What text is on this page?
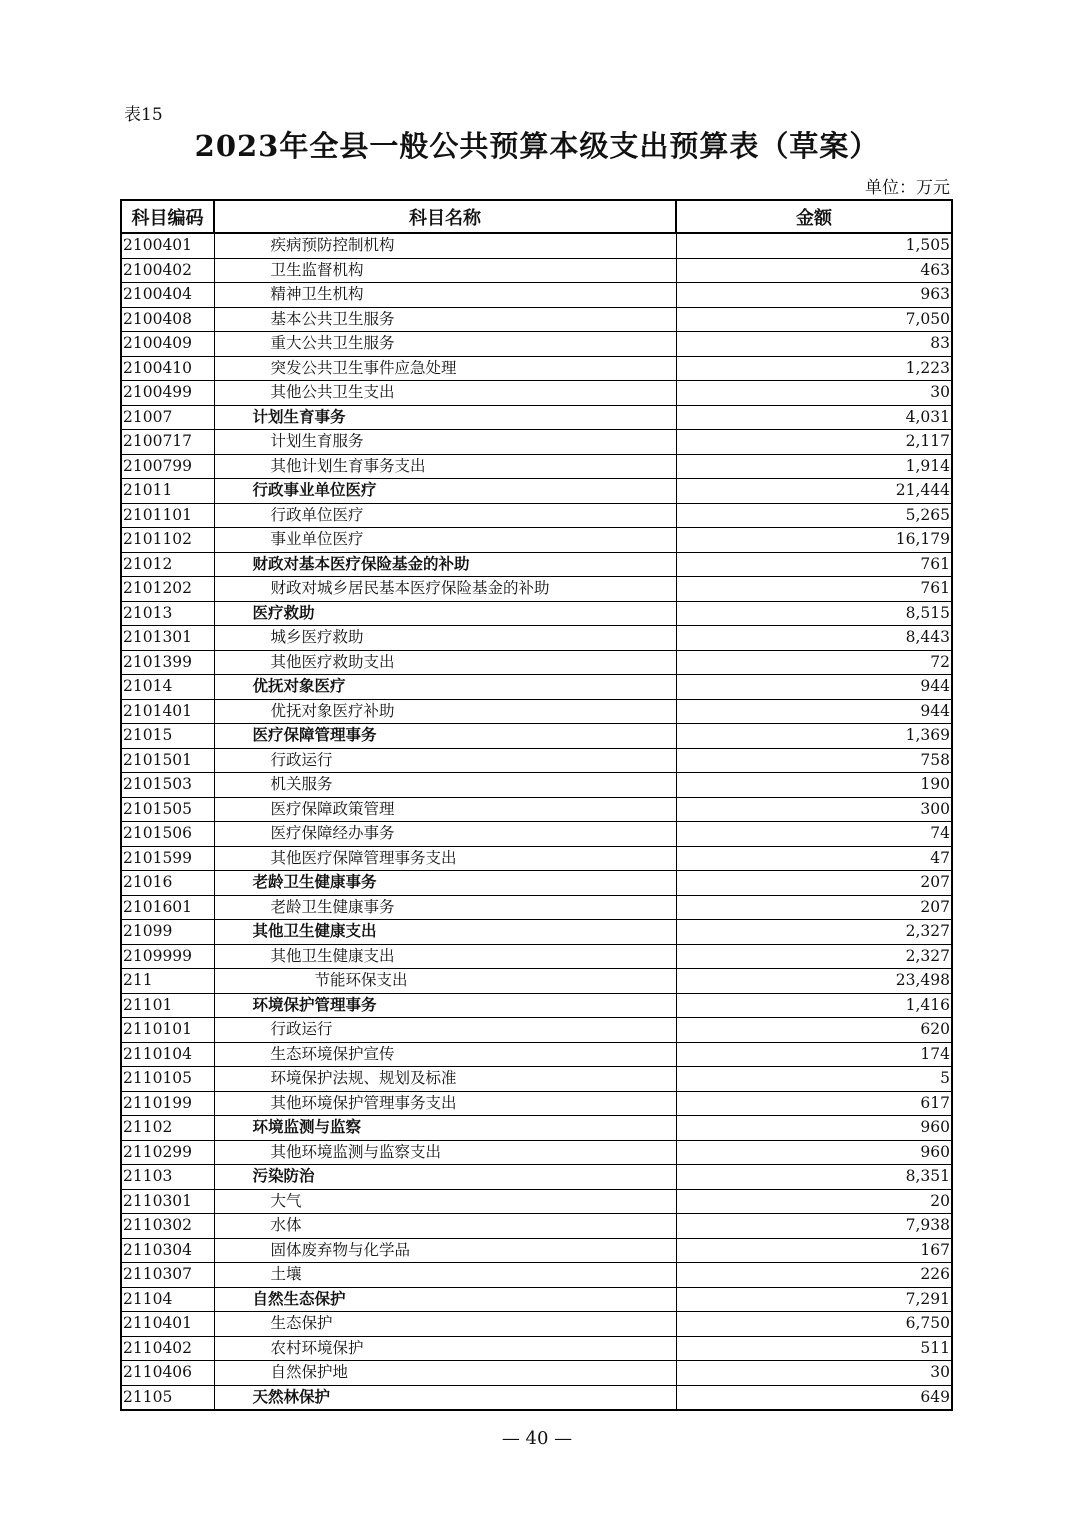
表15
2023年全县一般公共预算本级支出预算表（草案）
单位：万元
科目编码	科目名称	金额
2100401	疾病预防控制机构	1,505
2100402	卫生监督机构	463
2100404	精神卫生机构	963
2100408	基本公共卫生服务	7,050
2100409	重大公共卫生服务	83
2100410	突发公共卫生事件应急处理	1,223
2100499	其他公共卫生支出	30
21007	计划生育事务	4,031
2100717	计划生育服务	2,117
2100799	其他计划生育事务支出	1,914
21011	行政事业单位医疗	21,444
2101101	行政单位医疗	5,265
2101102	事业单位医疗	16,179
21012	财政对基本医疗保险基金的补助	761
2101202	财政对城乡居民基本医疗保险基金的补助	761
21013	医疗救助	8,515
2101301	城乡医疗救助	8,443
2101399	其他医疗救助支出	72
21014	优抚对象医疗	944
2101401	优抚对象医疗补助	944
21015	医疗保障管理事务	1,369
2101501	行政运行	758
2101503	机关服务	190
2101505	医疗保障政策管理	300
2101506	医疗保障经办事务	74
2101599	其他医疗保障管理事务支出	47
21016	老龄卫生健康事务	207
2101601	老龄卫生健康事务	207
21099	其他卫生健康支出	2,327
2109999	其他卫生健康支出	2,327
211	节能环保支出	23,498
21101	环境保护管理事务	1,416
2110101	行政运行	620
2110104	生态环境保护宣传	174
2110105	环境保护法规、规划及标准	5
2110199	其他环境保护管理事务支出	617
21102	环境监测与监察	960
2110299	其他环境监测与监察支出	960
21103	污染防治	8,351
2110301	大气	20
2110302	水体	7,938
2110304	固体废弃物与化学品	167
2110307	土壤	226
21104	自然生态保护	7,291
2110401	生态保护	6,750
2110402	农村环境保护	511
2110406	自然保护地	30
21105	天然林保护	649
— 40 —
